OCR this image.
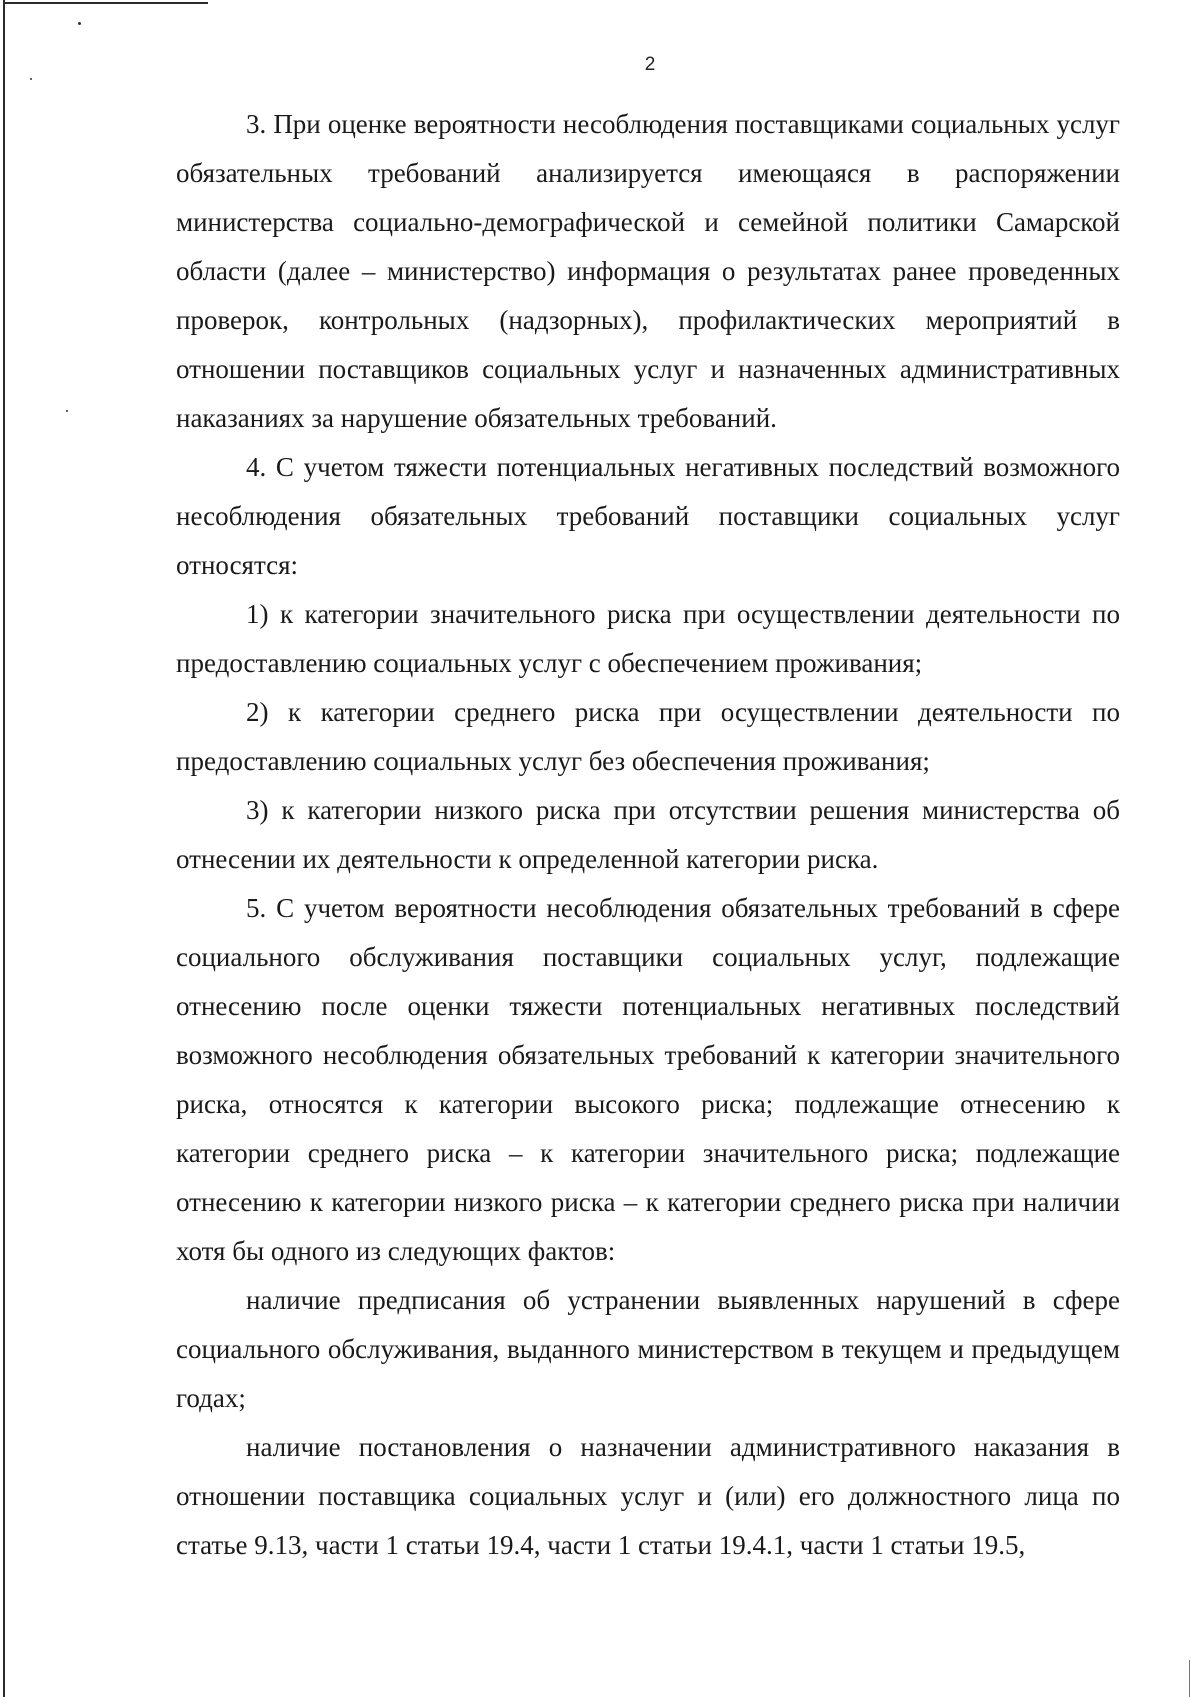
2

3. При оценке вероятности несоблюдения поставщиками социальных услуг обязательных требований анализируется имеющаяся в распоряжении министерства социально-демографической и семейной политики Самарской области (далее – министерство) информация о результатах ранее проведенных проверок, контрольных (надзорных), профилактических мероприятий в отношении поставщиков социальных услуг и назначенных административных наказаниях за нарушение обязательных требований.

4. С учетом тяжести потенциальных негативных последствий возможного несоблюдения обязательных требований поставщики социальных услуг относятся:

1) к категории значительного риска при осуществлении деятельности по предоставлению социальных услуг с обеспечением проживания;

2) к категории среднего риска при осуществлении деятельности по предоставлению социальных услуг без обеспечения проживания;

3) к категории низкого риска при отсутствии решения министерства об отнесении их деятельности к определенной категории риска.

5. С учетом вероятности несоблюдения обязательных требований в сфере социального обслуживания поставщики социальных услуг, подлежащие отнесению после оценки тяжести потенциальных негативных последствий возможного несоблюдения обязательных требований к категории значительного риска, относятся к категории высокого риска; подлежащие отнесению к категории среднего риска – к категории значительного риска; подлежащие отнесению к категории низкого риска – к категории среднего риска при наличии хотя бы одного из следующих фактов:

наличие предписания об устранении выявленных нарушений в сфере социального обслуживания, выданного министерством в текущем и предыдущем годах;

наличие постановления о назначении административного наказания в отношении поставщика социальных услуг и (или) его должностного лица по статье 9.13, части 1 статьи 19.4, части 1 статьи 19.4.1, части 1 статьи 19.5,
